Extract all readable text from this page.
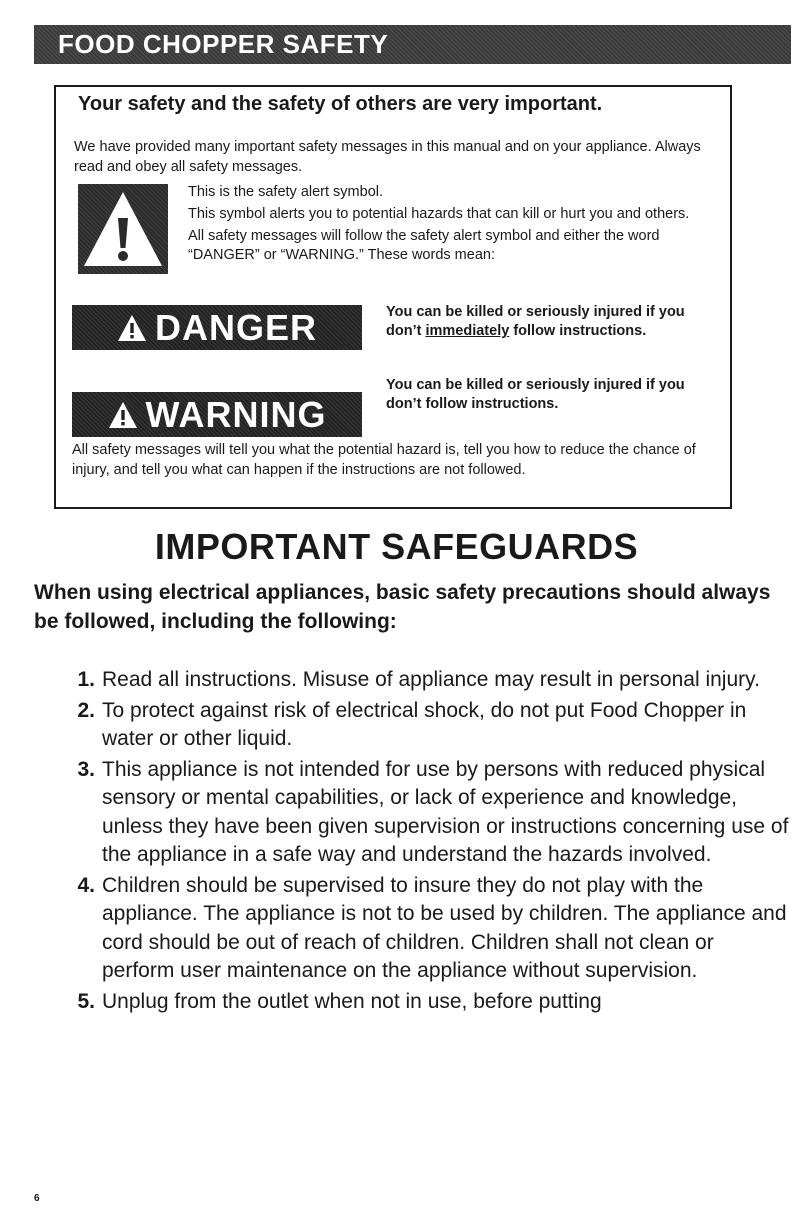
FOOD CHOPPER SAFETY
Your safety and the safety of others are very important.
We have provided many important safety messages in this manual and on your appliance. Always read and obey all safety messages.

This is the safety alert symbol.

This symbol alerts you to potential hazards that can kill or hurt you and others.

All safety messages will follow the safety alert symbol and either the word “DANGER” or “WARNING.” These words mean:

DANGER	You can be killed or seriously injured if you don’t immediately follow instructions.
WARNING
You can be killed or seriously injured if you don’t follow instructions.
All safety messages will tell you what the potential hazard is, tell you how to reduce the chance of injury, and tell you what can happen if the instructions are not followed.
IMPORTANT SAFEGUARDS
When using electrical appliances, basic safety precautions should always be followed, including the following:
1. Read all instructions. Misuse of appliance may result in personal injury.
2. To protect against risk of electrical shock, do not put Food Chopper in water or other liquid.
3. This appliance is not intended for use by persons with reduced physical sensory or mental capabilities, or lack of experience and knowledge, unless they have been given supervision or instructions concerning use of the appliance in a safe way and understand the hazards involved.
4. Children should be supervised to insure they do not play with the appliance. The appliance is not to be used by children. The appliance and cord should be out of reach of children. Children shall not clean or perform user maintenance on the appliance without supervision.
5. Unplug from the outlet when not in use, before putting
6
